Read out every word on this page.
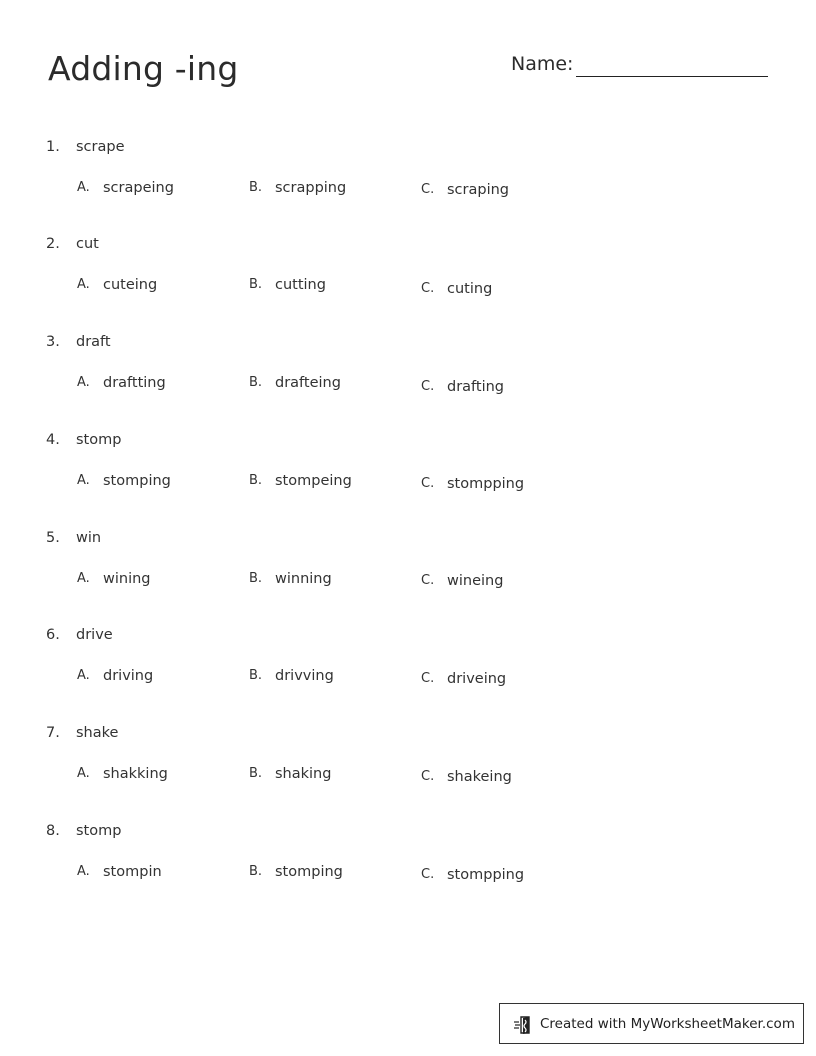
Adding -ing	Name:
1. scrape
A. scrapeing	B. scrapping	C. scraping
2. cut
A. cuteing	B. cutting	C. cuting
3. draft
A. draftting	B. drafteing	C. drafting
4. stomp
A. stomping	B. stompeing	C. stompping
5. win
A. wining	B. winning	C. wineing
6. drive
A. driving	B. drivving	C. driveing
7. shake
A. shakking	B. shaking	C. shakeing
8. stomp
A. stompin	B. stomping	C. stompping
Created with MyWorksheetMaker.com
